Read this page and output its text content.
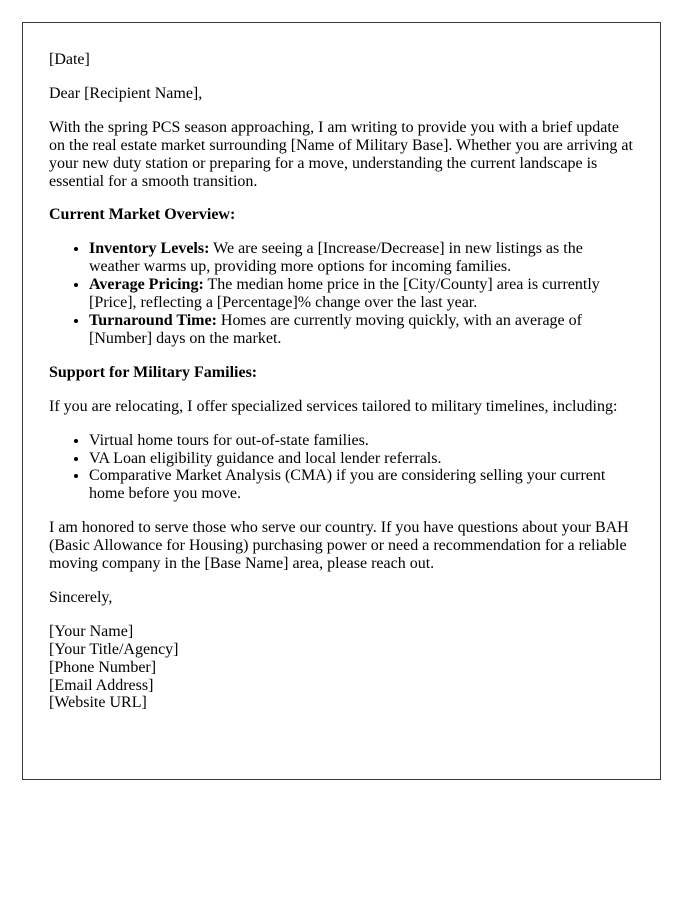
[Date]

Dear [Recipient Name],

With the spring PCS season approaching, I am writing to provide you with a brief update on the real estate market surrounding [Name of Military Base]. Whether you are arriving at your new duty station or preparing for a move, understanding the current landscape is essential for a smooth transition.

Current Market Overview:

• Inventory Levels: We are seeing a [Increase/Decrease] in new listings as the weather warms up, providing more options for incoming families.
• Average Pricing: The median home price in the [City/County] area is currently [Price], reflecting a [Percentage]% change over the last year.
• Turnaround Time: Homes are currently moving quickly, with an average of [Number] days on the market.

Support for Military Families:

If you are relocating, I offer specialized services tailored to military timelines, including:

• Virtual home tours for out-of-state families.
• VA Loan eligibility guidance and local lender referrals.
• Comparative Market Analysis (CMA) if you are considering selling your current home before you move.

I am honored to serve those who serve our country. If you have questions about your BAH (Basic Allowance for Housing) purchasing power or need a recommendation for a reliable moving company in the [Base Name] area, please reach out.

Sincerely,

[Your Name]
[Your Title/Agency]
[Phone Number]
[Email Address]
[Website URL]
